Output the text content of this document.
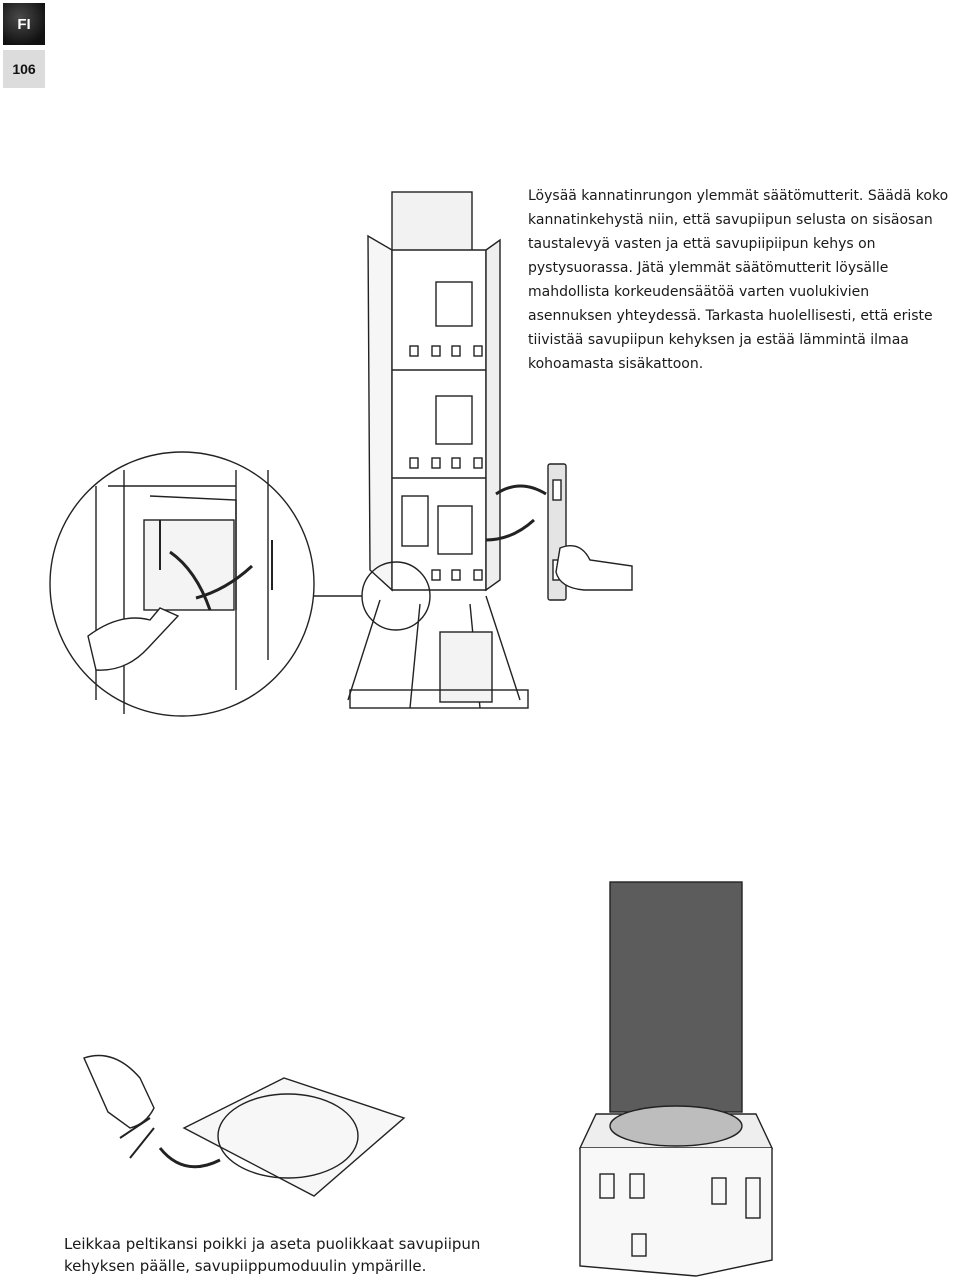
FI
106
Löysää kannatinrungon ylemmät säätömutterit. Säädä koko kannatinkehystä niin, että savupiipun selusta on sisäosan taustalevyä vasten ja että savupiipiipun kehys on pystysuorassa. Jätä ylemmät säätömutterit löysälle mahdollista korkeudensäätöä varten vuolukivien asennuksen yhteydessä. Tarkasta huolellisesti, että eriste tiivistää savupiipun kehyksen ja estää lämmintä ilmaa kohoamasta sisäkattoon.
Leikkaa peltikansi poikki ja aseta puolikkaat savupiipun kehyksen päälle, savupiippumoduulin ympärille.
